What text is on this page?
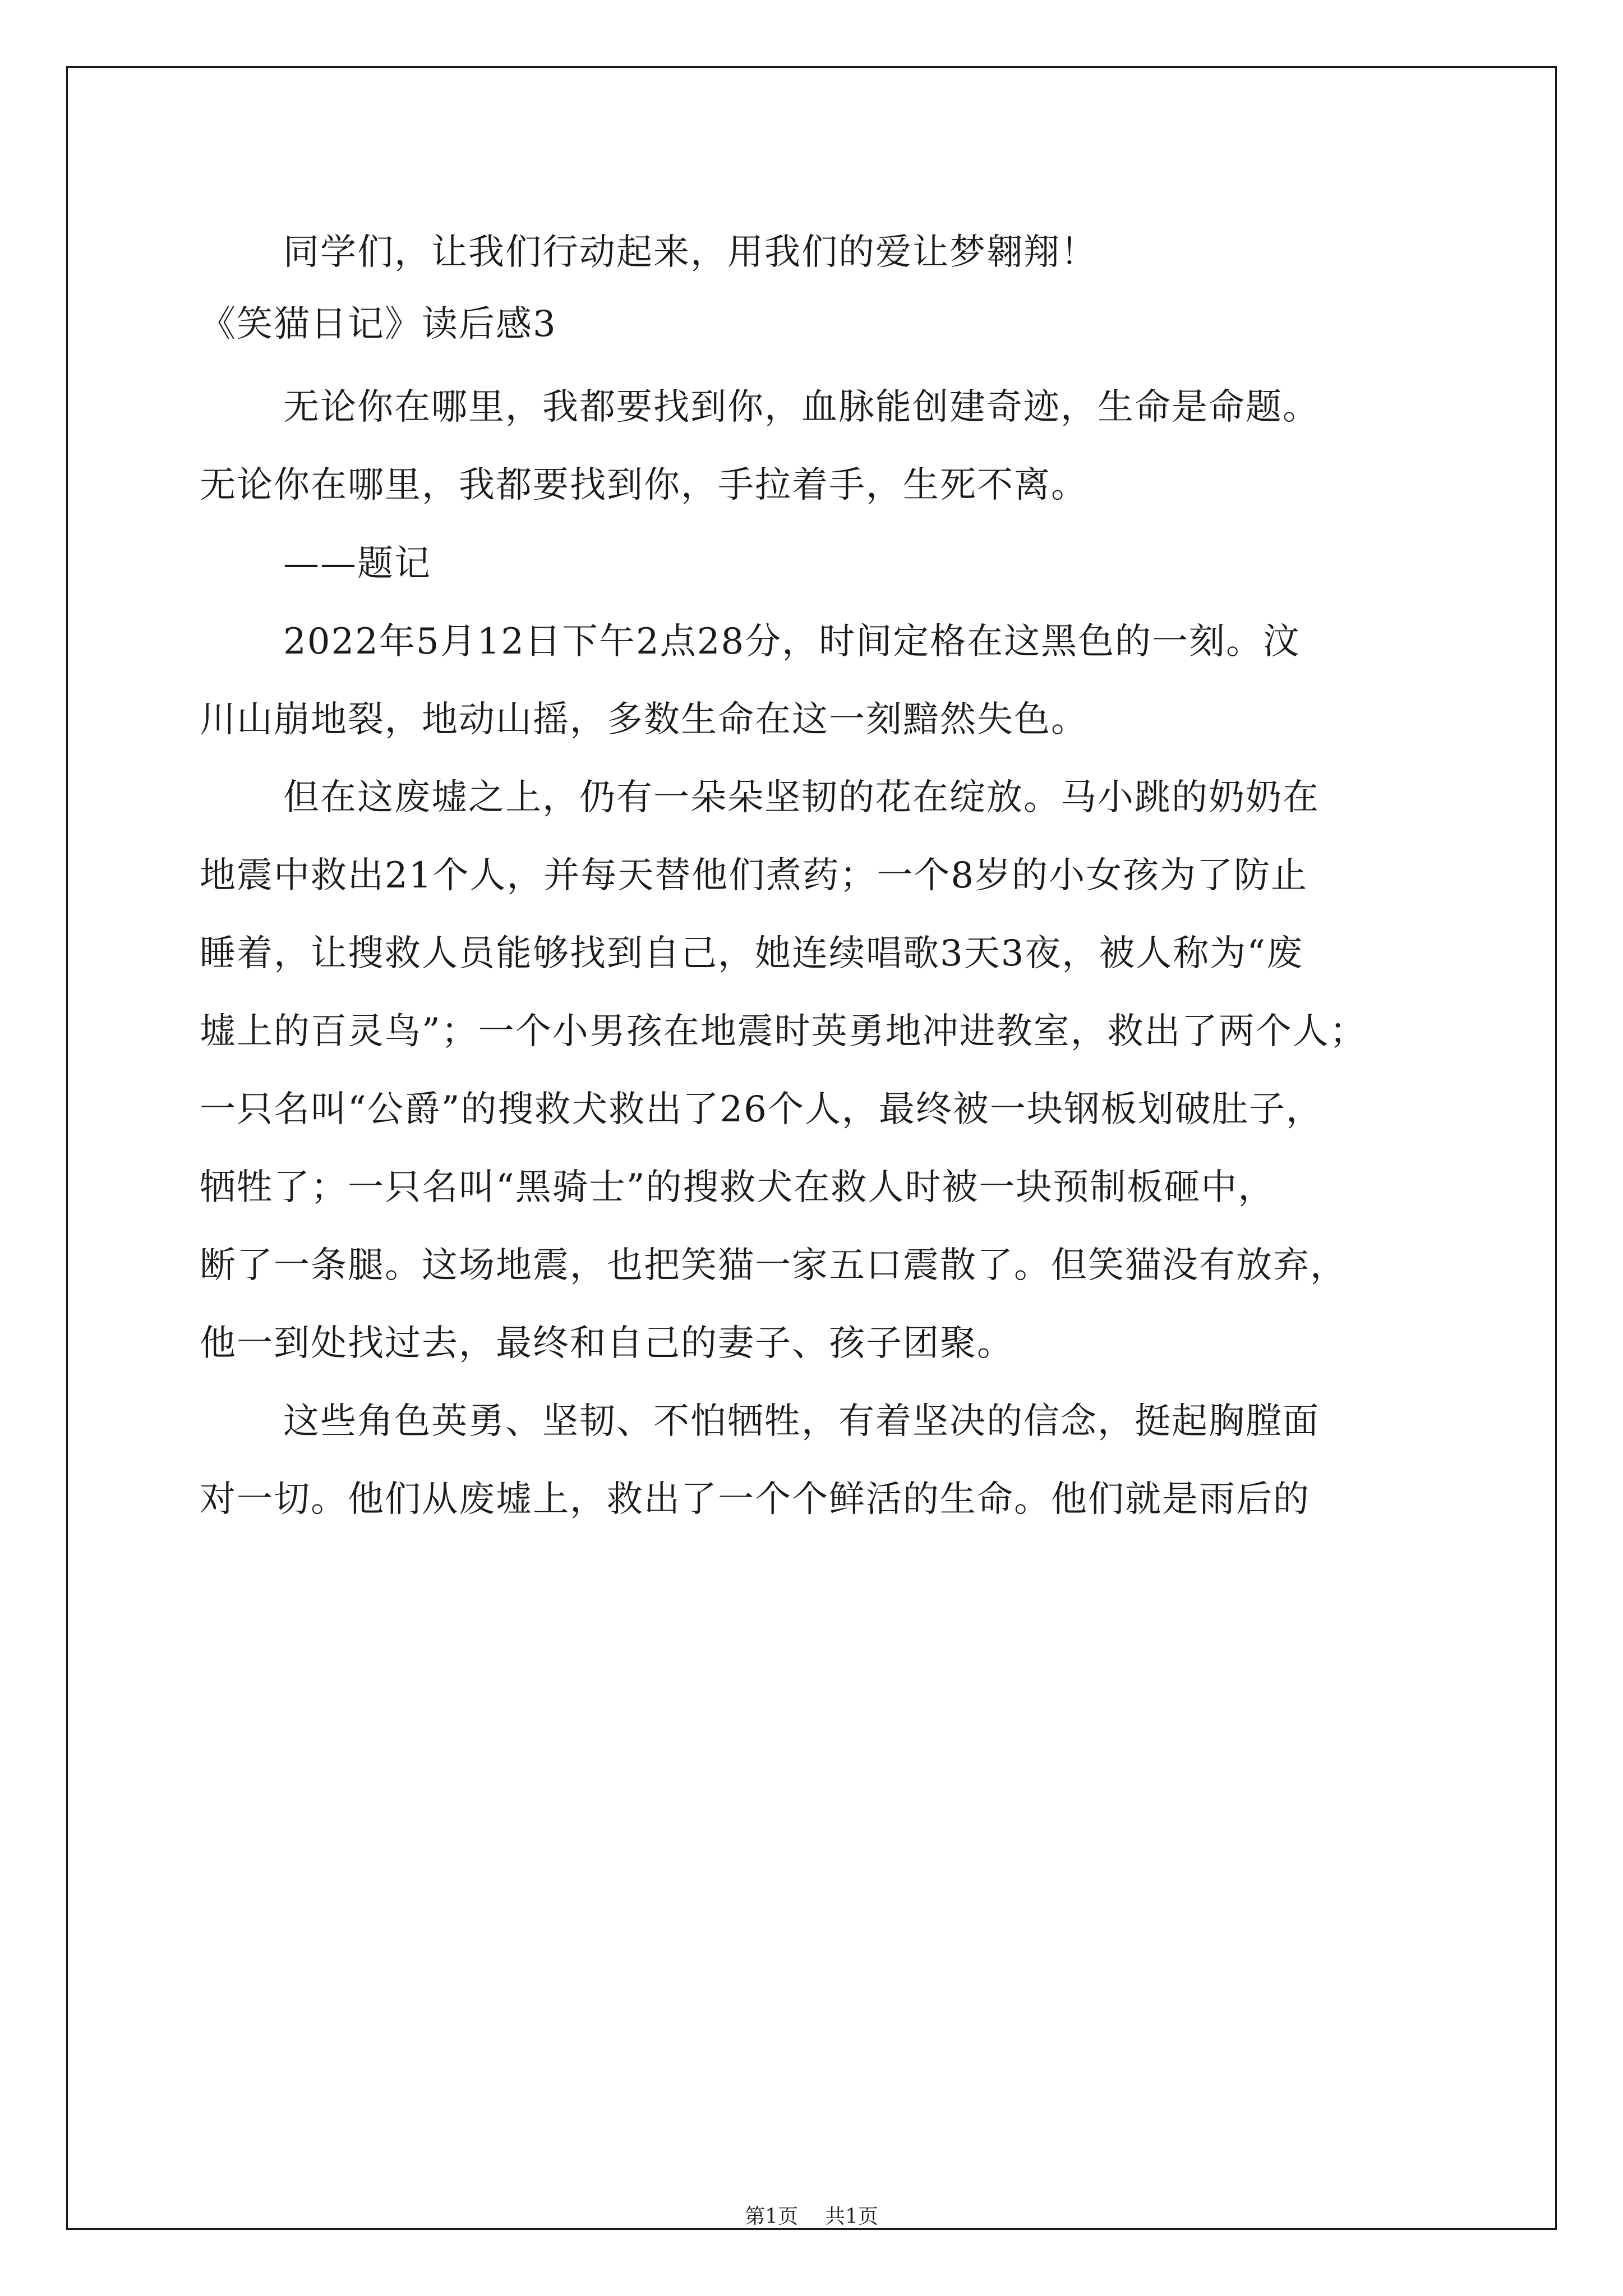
同学们，让我们行动起来，用我们的爱让梦翱翔！
《笑猫日记》读后感3
无论你在哪里，我都要找到你，血脉能创建奇迹，生命是命题。
无论你在哪里，我都要找到你，手拉着手，生死不离。
——题记
2022年5月12日下午2点28分，时间定格在这黑色的一刻。汶
川山崩地裂，地动山摇，多数生命在这一刻黯然失色。
但在这废墟之上，仍有一朵朵坚韧的花在绽放。马小跳的奶奶在
地震中救出21个人，并每天替他们煮药；一个8岁的小女孩为了防止
睡着，让搜救人员能够找到自己，她连续唱歌3天3夜，被人称为“废
墟上的百灵鸟”；一个小男孩在地震时英勇地冲进教室，救出了两个人；
一只名叫“公爵”的搜救犬救出了26个人，最终被一块钢板划破肚子，
牺牲了；一只名叫“黑骑士”的搜救犬在救人时被一块预制板砸中，
断了一条腿。这场地震，也把笑猫一家五口震散了。但笑猫没有放弃，
他一到处找过去，最终和自己的妻子、孩子团聚。
这些角色英勇、坚韧、不怕牺牲，有着坚决的信念，挺起胸膛面
对一切。他们从废墟上，救出了一个个鲜活的生命。他们就是雨后的
第1页 共1页
